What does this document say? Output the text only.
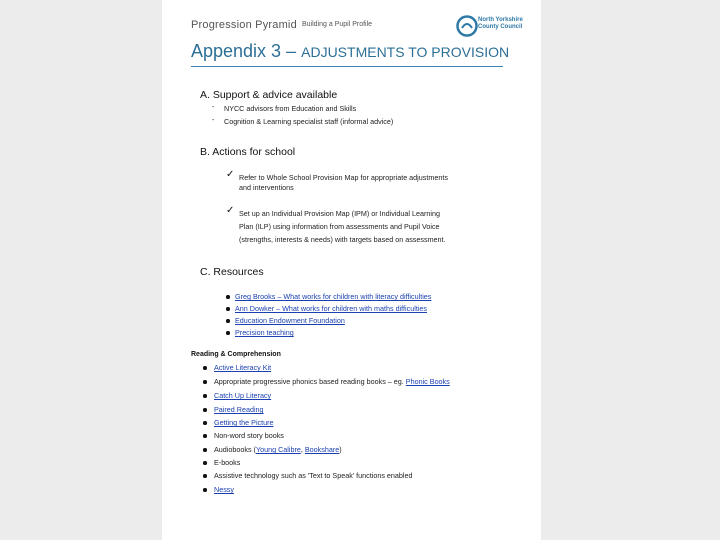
Progression Pyramid Building a Pupil Profile
North Yorkshire County Council
Appendix 3 – ADJUSTMENTS TO PROVISION
A. Support & advice available
- NYCC advisors from Education and Skills
- Cognition & Learning specialist staff (informal advice)
B. Actions for school
✓ Refer to Whole School Provision Map for appropriate adjustments
and interventions
✓ Set up an Individual Provision Map (IPM) or Individual Learning
Plan (ILP) using information from assessments and Pupil Voice
(strengths, interests & needs) with targets based on assessment.
C. Resources
Greg Brooks – What works for children with literacy difficulties
Ann Dowker – What works for children with maths difficulties
Education Endowment Foundation
Precision teaching
Reading & Comprehension
Active Literacy Kit
Appropriate progressive phonics based reading books – eg. Phonic Books
Catch Up Literacy
Paired Reading
Getting the Picture
Non-word story books
Audiobooks (Young Calibre, Bookshare)
E-books
Assistive technology such as 'Text to Speak' functions enabled
Nessy
